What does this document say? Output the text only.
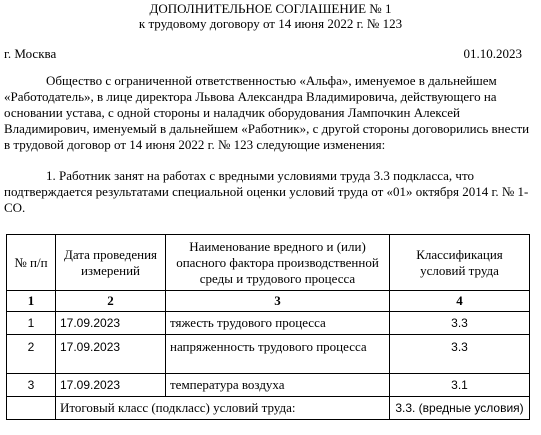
ДОПОЛНИТЕЛЬНОЕ СОГЛАШЕНИЕ № 1
к трудовому договору от 14 июня 2022 г. № 123
г. Москва	01.10.2023
Общество с ограниченной ответственностью «Альфа», именуемое в дальнейшем «Работодатель», в лице директора Львова Александра Владимировича, действующего на основании устава, с одной стороны и наладчик оборудования Лампочкин Алексей Владимирович, именуемый в дальнейшем «Работник», с другой стороны договорились внести в трудовой договор от 14 июня 2022 г. № 123 следующие изменения:
1. Работник занят на работах с вредными условиями труда 3.3 подкласса, что подтверждается результатами специальной оценки условий труда от «01» октября 2014 г. № 1-СО.
№ п/п	Дата проведения измерений	Наименование вредного и (или) опасного фактора производственной среды и трудового процесса	Классификация условий труда
1	2	3	4
1	17.09.2023	тяжесть трудового процесса	3.3
2	17.09.2023	напряженность трудового процесса	3.3
3	17.09.2023	температура воздуха	3.1
	Итоговый класс (подкласс) условий труда:		3.3. (вредные условия)
